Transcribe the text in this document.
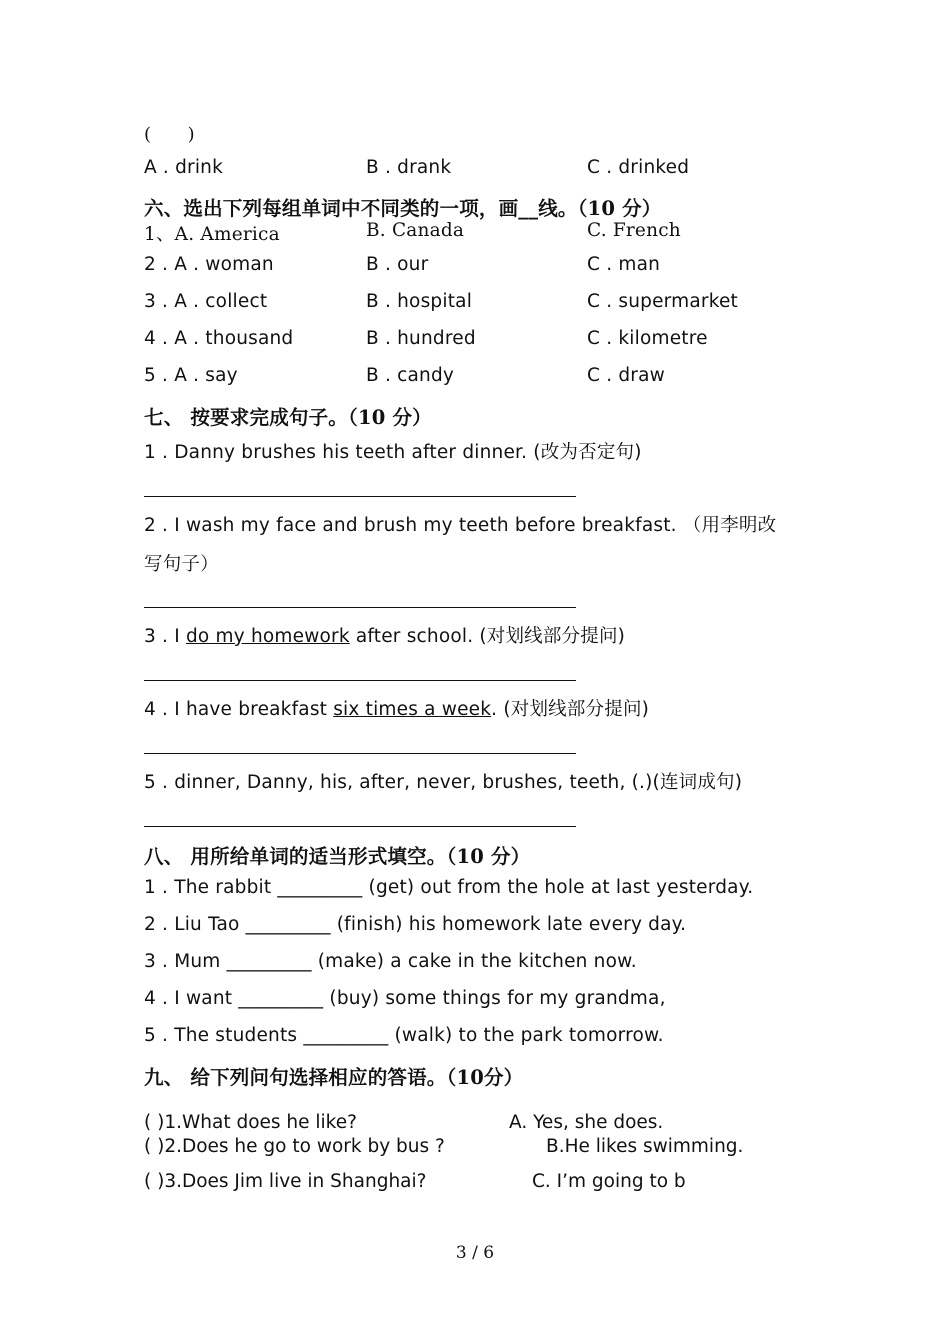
(　　)
A . drink	B . drank	C . drinked
六、选出下列每组单词中不同类的一项，画__线。（10 分）
1、A. America	B. Canada	C. French
2 . A . woman	B . our	C . man
3 . A . collect	B . hospital	C . supermarket
4 . A . thousand	B . hundred	C . kilometre
5 . A . say	B . candy	C . draw
七、 按要求完成句子。（10 分）
1 . Danny brushes his teeth after dinner. (改为否定句)
2 . I wash my face and brush my teeth before breakfast. （用李明改
写句子）
3 . I do my homework after school. (对划线部分提问)
4 . I have breakfast six times a week. (对划线部分提问)
5 . dinner, Danny, his, after, never, brushes, teeth, (.)(连词成句)
八、 用所给单词的适当形式填空。（10 分）
1 . The rabbit _________ (get) out from the hole at last yesterday.
2 . Liu Tao _________ (finish) his homework late every day.
3 . Mum _________ (make) a cake in the kitchen now.
4 . I want _________ (buy) some things for my grandma,
5 . The students _________ (walk) to the park tomorrow.
九、 给下列问句选择相应的答语。（10分）
( )1.What does he like?	A. Yes, she does.
( )2.Does he go to work by bus ?	B.He likes swimming.
( )3.Does Jim live in Shanghai?	C. I’m going to b
3 / 6
